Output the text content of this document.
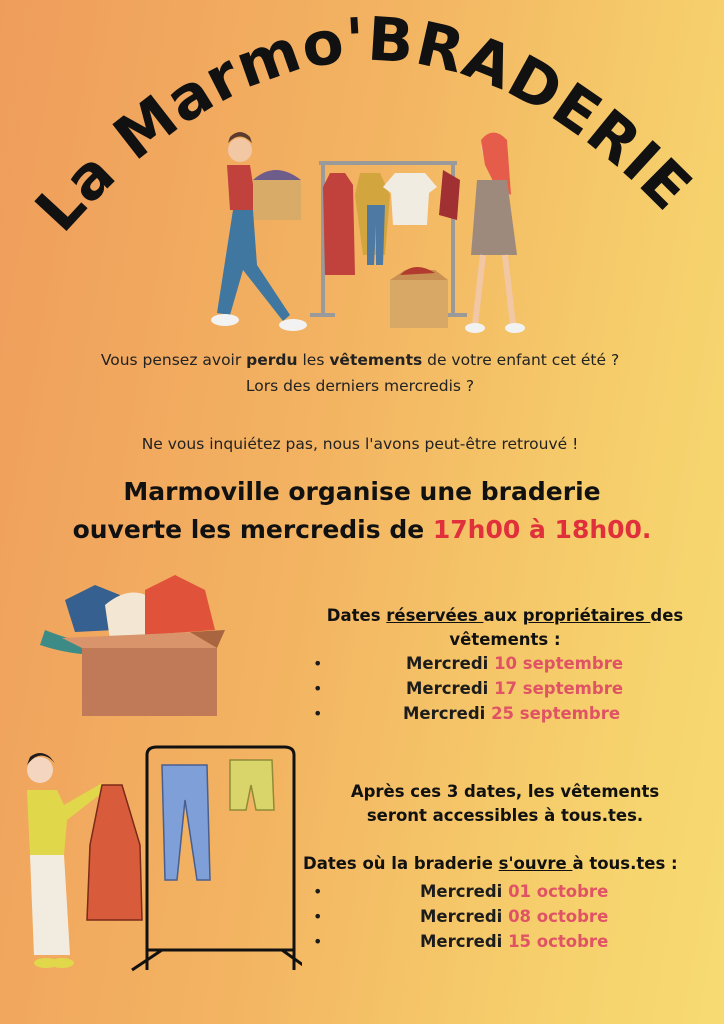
La Marmo'BRADERIE
Vous pensez avoir perdu les vêtements de votre enfant cet été ?
Lors des derniers mercredis ?
Ne vous inquiétez pas, nous l'avons peut-être retrouvé !
Marmoville organise une braderie
ouverte les mercredis de 17h00 à 18h00.
Dates réservées aux propriétaires des
vêtements :
•	Mercredi 10 septembre
•	Mercredi 17 septembre
•	Mercredi 25 septembre
Après ces 3 dates, les vêtements
seront accessibles à tous.tes.
Dates où la braderie s'ouvre à tous.tes :
•	Mercredi 01 octobre
•	Mercredi 08 octobre
•	Mercredi 15 octobre
